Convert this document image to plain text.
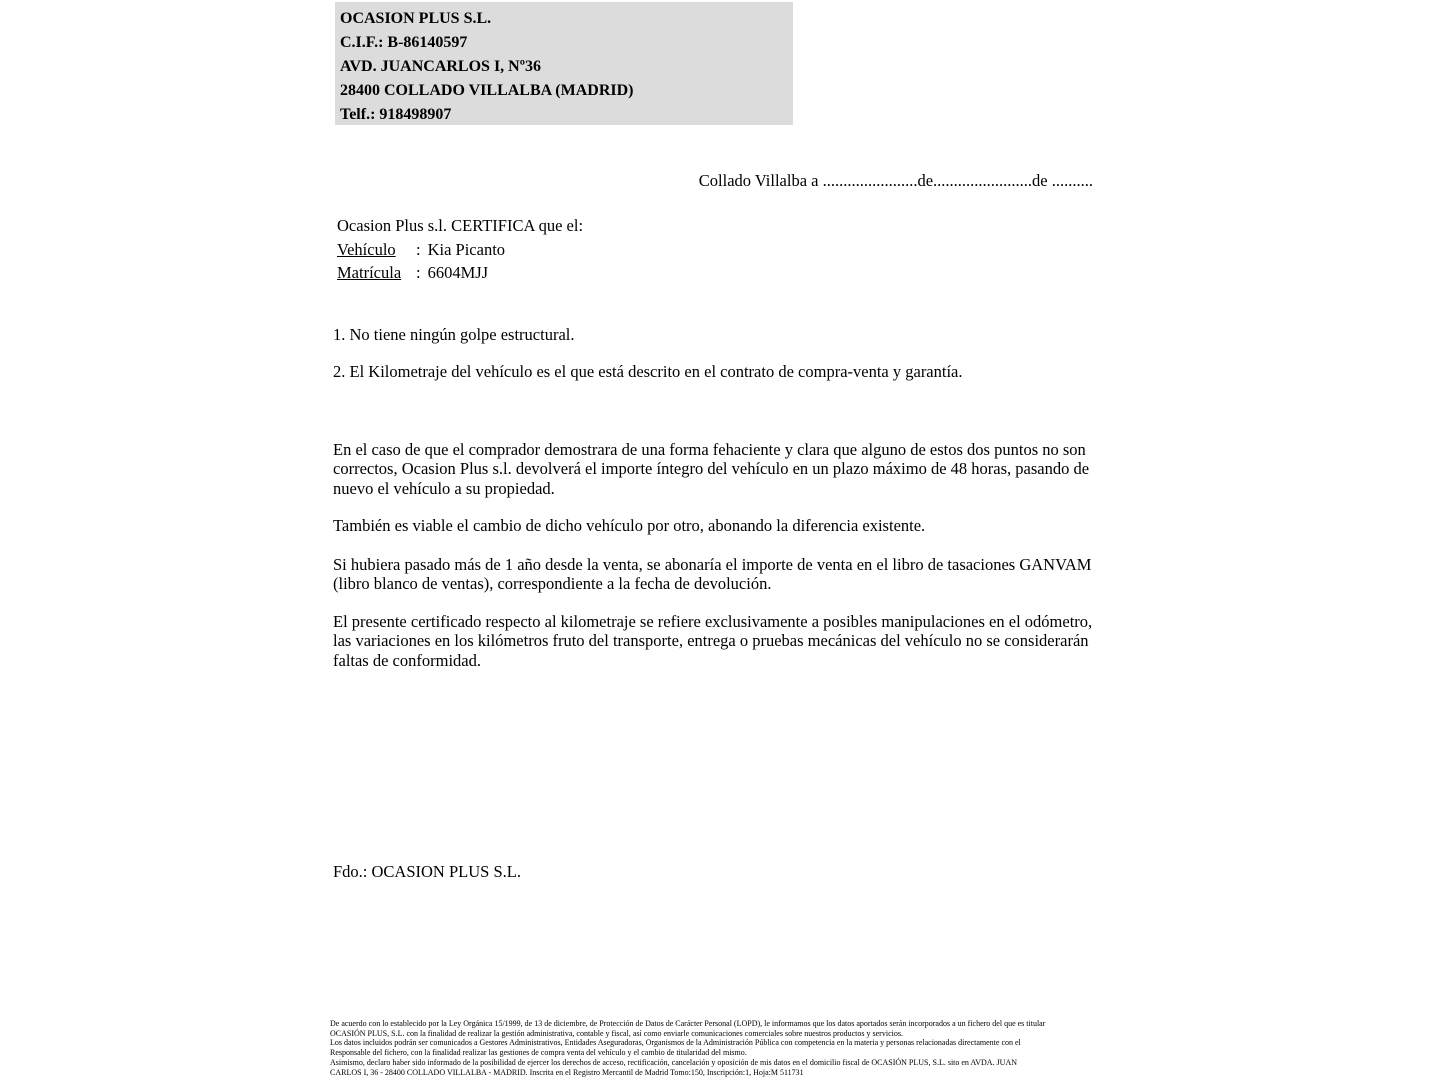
OCASION PLUS S.L.
C.I.F.: B-86140597
AVD. JUANCARLOS I, Nº36
28400 COLLADO VILLALBA (MADRID)
Telf.: 918498907
Collado Villalba a .......................de........................de ..........
Ocasion Plus s.l. CERTIFICA que el:
Vehículo : Kia Picanto
Matrícula : 6604MJJ
1. No tiene ningún golpe estructural.
2. El Kilometraje del vehículo es el que está descrito en el contrato de compra-venta y garantía.
En el caso de que el comprador demostrara de una forma fehaciente y clara que alguno de estos dos puntos no son correctos, Ocasion Plus s.l. devolverá el importe íntegro del vehículo en un plazo máximo de 48 horas, pasando de nuevo el vehículo a su propiedad.
También es viable el cambio de dicho vehículo por otro, abonando la diferencia existente.
Si hubiera pasado más de 1 año desde la venta, se abonaría el importe de venta en el libro de tasaciones GANVAM (libro blanco de ventas), correspondiente a la fecha de devolución.
El presente certificado respecto al kilometraje se refiere exclusivamente a posibles manipulaciones en el odómetro, las variaciones en los kilómetros fruto del transporte, entrega o pruebas mecánicas del vehículo no se considerarán faltas de conformidad.
Fdo.: OCASION PLUS S.L.
De acuerdo con lo establecido por la Ley Orgánica 15/1999, de 13 de diciembre, de Protección de Datos de Carácter Personal (LOPD), le informamos que los datos aportados serán incorporados a un fichero del que es titular
OCASIÓN PLUS, S.L. con la finalidad de realizar la gestión administrativa, contable y fiscal, así como enviarle comunicaciones comerciales sobre nuestros productos y servicios.
Los datos incluidos podrán ser comunicados a Gestores Administrativos, Entidades Aseguradoras, Organismos de la Administración Pública con competencia en la materia y personas relacionadas directamente con el
Responsable del fichero, con la finalidad realizar las gestiones de compra venta del vehículo y el cambio de titularidad del mismo.
Asimismo, declaro haber sido informado de la posibilidad de ejercer los derechos de acceso, rectificación, cancelación y oposición de mis datos en el domicilio fiscal de OCASIÓN PLUS, S.L. sito en AVDA. JUAN
CARLOS I, 36 - 28400 COLLADO VILLALBA - MADRID. Inscrita en el Registro Mercantil de Madrid Tomo:150, Inscripción:1, Hoja:M 511731
